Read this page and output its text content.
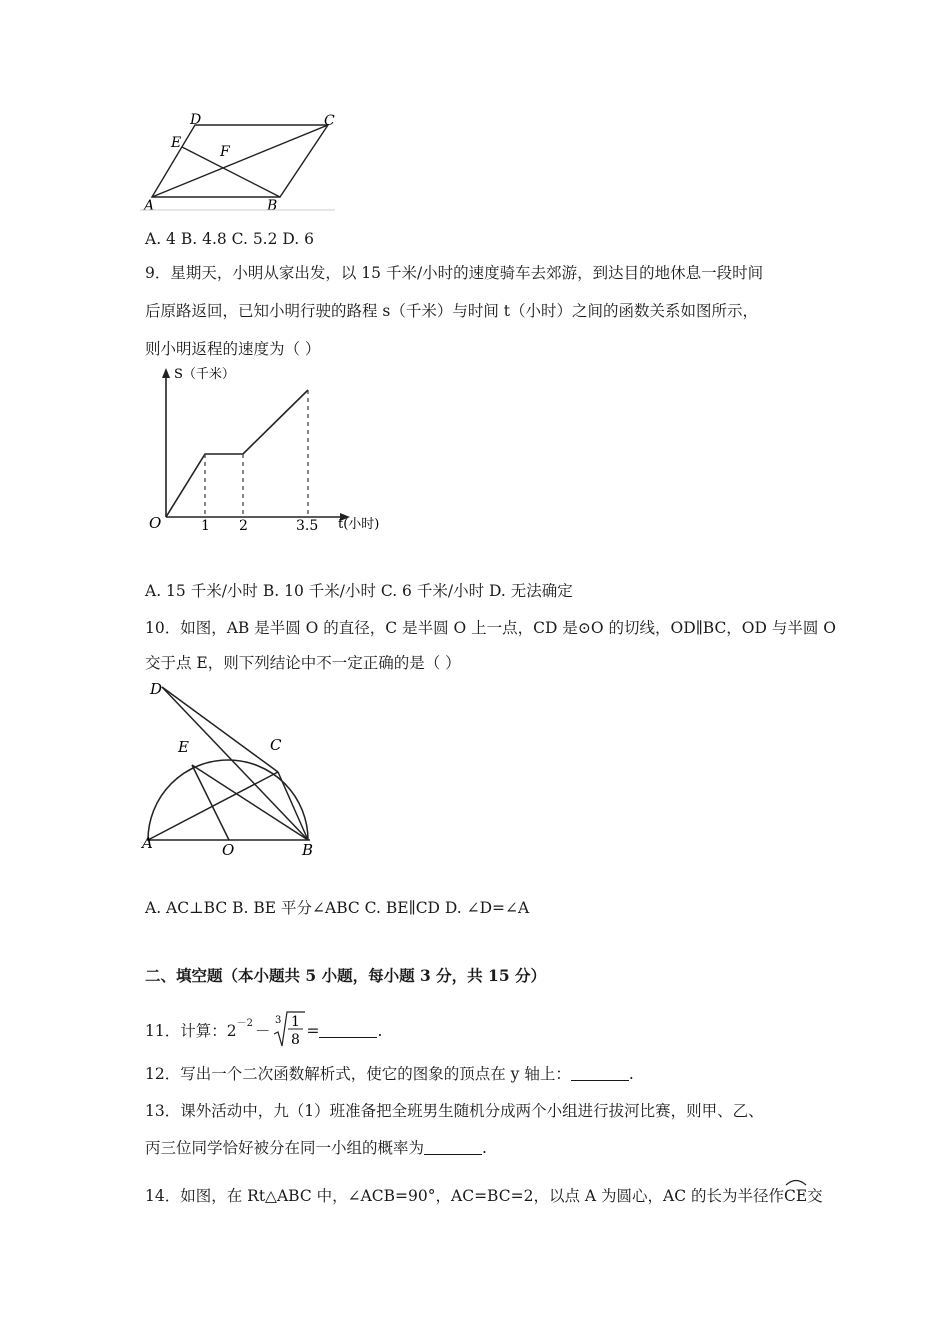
D	C
E
F
A	B
A. 4 B. 4.8 C. 5.2 D. 6
9．星期天，小明从家出发，以 15 千米/小时的速度骑车去郊游，到达目的地休息一段时间
后原路返回，已知小明行驶的路程 s（千米）与时间 t（小时）之间的函数关系如图所示，
则小明返程的速度为（ ）
S（千米）
t(小时)
O	1 2	3.5
A. 15 千米/小时 B. 10 千米/小时 C. 6 千米/小时 D. 无法确定
10．如图，AB 是半圆 O 的直径，C 是半圆 O 上一点，CD 是⊙O 的切线，OD∥BC，OD 与半圆 O
交于点 E，则下列结论中不一定正确的是（ ）
D
E	C
A	O	B
A. AC⊥BC B. BE 平分∠ABC C. BE∥CD D. ∠D=∠A
二、填空题（本小题共 5 小题，每小题 3 分，共 15 分）
11．计算：$2^{-2}$ －
3 1
8 =	.
12．写出一个二次函数解析式，使它的图象的顶点在 y 轴上：	.
13．课外活动中，九（1）班准备把全班男生随机分成两个小组进行拔河比赛，则甲、乙、
丙三位同学恰好被分在同一小组的概率为	.
14．如图，在 Rt△ABC 中，∠ACB=90°，AC=BC=2，以点 A 为圆心，AC 的长为半径作
CE交
